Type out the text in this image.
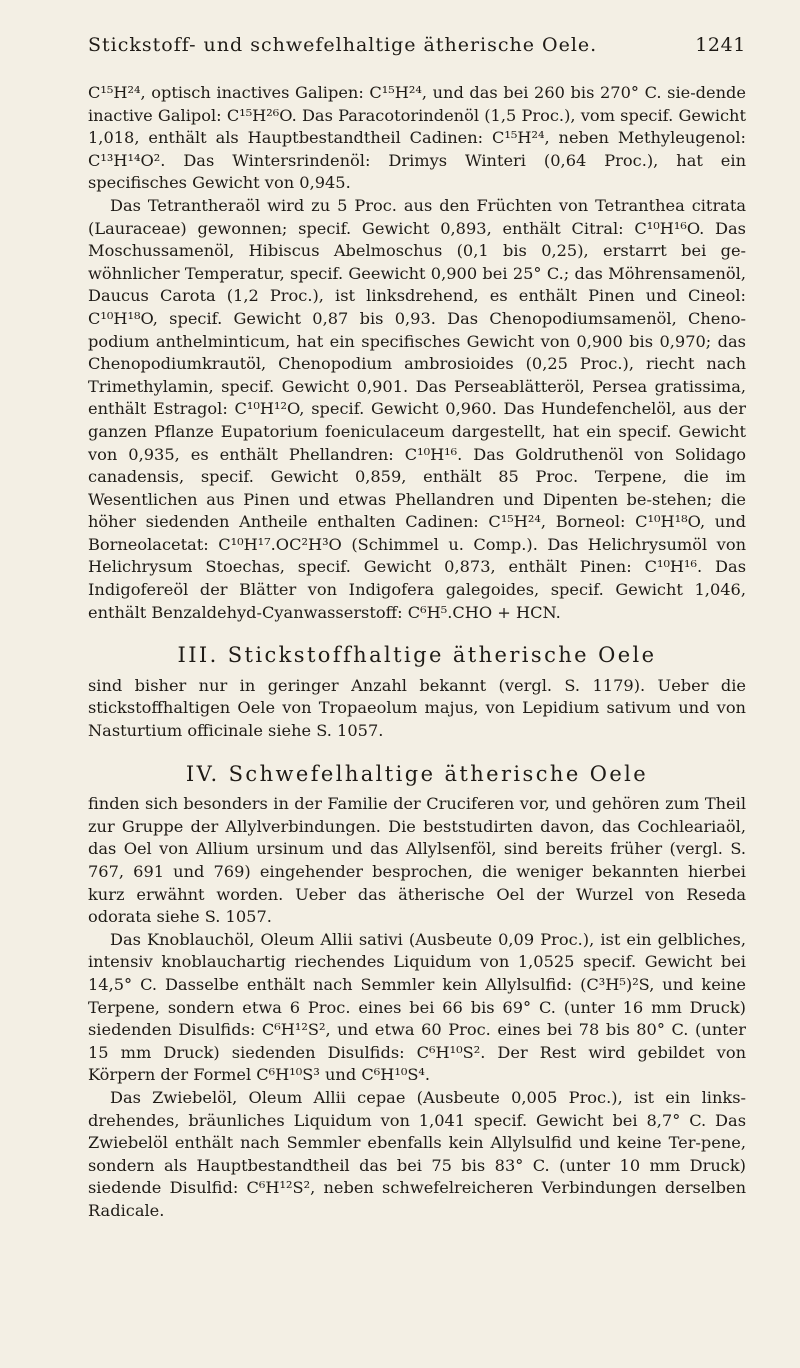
Stickstoff- und schwefelhaltige ätherische Oele.	1241

C¹⁵H²⁴, optisch inactives Galipen: C¹⁵H²⁴, und das bei 260 bis 270° C. sie-dende inactive Galipol: C¹⁵H²⁶O. Das Paracotorindenöl (1,5 Proc.), vom specif. Gewicht 1,018, enthält als Hauptbestandtheil Cadinen: C¹⁵H²⁴, neben Methyleugenol: C¹³H¹⁴O². Das Wintersrindenöl: Drimys Winteri (0,64 Proc.), hat ein specifisches Gewicht von 0,945.

Das Tetrantheraöl wird zu 5 Proc. aus den Früchten von Tetranthea citrata (Lauraceae) gewonnen; specif. Gewicht 0,893, enthält Citral: C¹⁰H¹⁶O. Das Moschussamenöl, Hibiscus Abelmoschus (0,1 bis 0,25), erstarrt bei ge-wöhnlicher Temperatur, specif. Geewicht 0,900 bei 25° C.; das Möhrensamenöl, Daucus Carota (1,2 Proc.), ist linksdrehend, es enthält Pinen und Cineol: C¹⁰H¹⁸O, specif. Gewicht 0,87 bis 0,93. Das Chenopodiumsamenöl, Cheno-podium anthelminticum, hat ein specifisches Gewicht von 0,900 bis 0,970; das Chenopodiumkrautöl, Chenopodium ambrosioides (0,25 Proc.), riecht nach Trimethylamin, specif. Gewicht 0,901. Das Perseablätteröl, Persea gratissima, enthält Estragol: C¹⁰H¹²O, specif. Gewicht 0,960. Das Hundefenchelöl, aus der ganzen Pflanze Eupatorium foeniculaceum dargestellt, hat ein specif. Gewicht von 0,935, es enthält Phellandren: C¹⁰H¹⁶. Das Goldruthenöl von Solidago canadensis, specif. Gewicht 0,859, enthält 85 Proc. Terpene, die im Wesentlichen aus Pinen und etwas Phellandren und Dipenten be-stehen; die höher siedenden Antheile enthalten Cadinen: C¹⁵H²⁴, Borneol: C¹⁰H¹⁸O, und Borneolacetat: C¹⁰H¹⁷.OC²H³O (Schimmel u. Comp.). Das Helichrysumöl von Helichrysum Stoechas, specif. Gewicht 0,873, enthält Pinen: C¹⁰H¹⁶. Das Indigofereöl der Blätter von Indigofera galegoides, specif. Gewicht 1,046, enthält Benzaldehyd-Cyanwasserstoff: C⁶H⁵.CHO + HCN.

III. Stickstoffhaltige ätherische Oele

sind bisher nur in geringer Anzahl bekannt (vergl. S. 1179). Ueber die stickstoffhaltigen Oele von Tropaeolum majus, von Lepidium sativum und von Nasturtium officinale siehe S. 1057.

IV. Schwefelhaltige ätherische Oele

finden sich besonders in der Familie der Cruciferen vor, und gehören zum Theil zur Gruppe der Allylverbindungen. Die beststudirten davon, das Cochleariaöl, das Oel von Allium ursinum und das Allylsenföl, sind bereits früher (vergl. S. 767, 691 und 769) eingehender besprochen, die weniger bekannten hierbei kurz erwähnt worden. Ueber das ätherische Oel der Wurzel von Reseda odorata siehe S. 1057.

Das Knoblauchöl, Oleum Allii sativi (Ausbeute 0,09 Proc.), ist ein gelbliches, intensiv knoblauchartig riechendes Liquidum von 1,0525 specif. Gewicht bei 14,5° C. Dasselbe enthält nach Semmler kein Allylsulfid: (C³H⁵)²S, und keine Terpene, sondern etwa 6 Proc. eines bei 66 bis 69° C. (unter 16 mm Druck) siedenden Disulfids: C⁶H¹²S², und etwa 60 Proc. eines bei 78 bis 80° C. (unter 15 mm Druck) siedenden Disulfids: C⁶H¹⁰S². Der Rest wird gebildet von Körpern der Formel C⁶H¹⁰S³ und C⁶H¹⁰S⁴.

Das Zwiebelöl, Oleum Allii cepae (Ausbeute 0,005 Proc.), ist ein links-drehendes, bräunliches Liquidum von 1,041 specif. Gewicht bei 8,7° C. Das Zwiebelöl enthält nach Semmler ebenfalls kein Allylsulfid und keine Ter-pene, sondern als Hauptbestandtheil das bei 75 bis 83° C. (unter 10 mm Druck) siedende Disulfid: C⁶H¹²S², neben schwefelreicheren Verbindungen derselben Radicale.
